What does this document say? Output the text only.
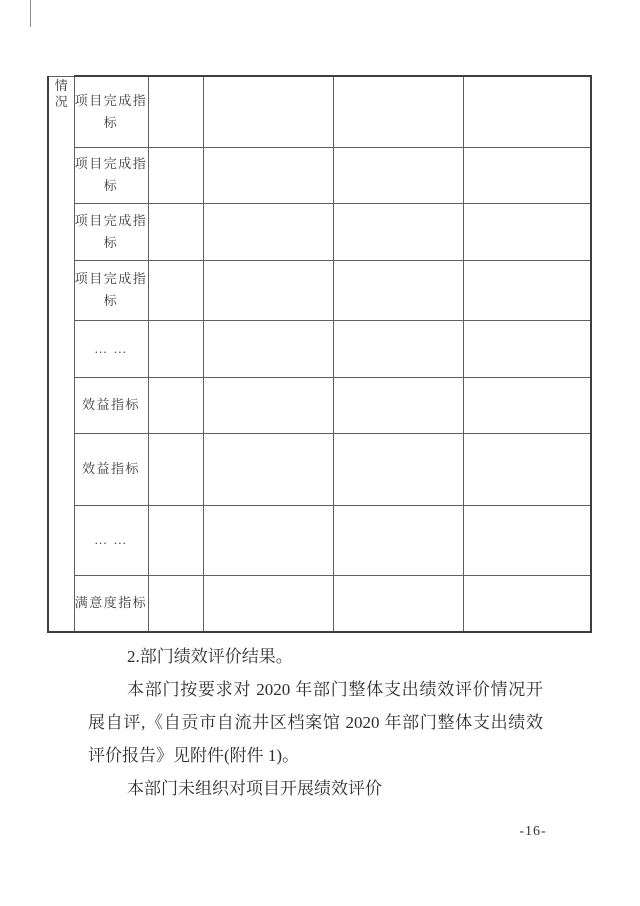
情况	项目完成指标				
	项目完成指标				
	项目完成指标				
	项目完成指标				
	… …				
	效益指标				
	效益指标				
	… …				
	满意度指标				
2.部门绩效评价结果。
本部门按要求对 2020 年部门整体支出绩效评价情况开
展自评,《自贡市自流井区档案馆 2020 年部门整体支出绩效
评价报告》见附件(附件 1)。
本部门未组织对项目开展绩效评价
-16-
